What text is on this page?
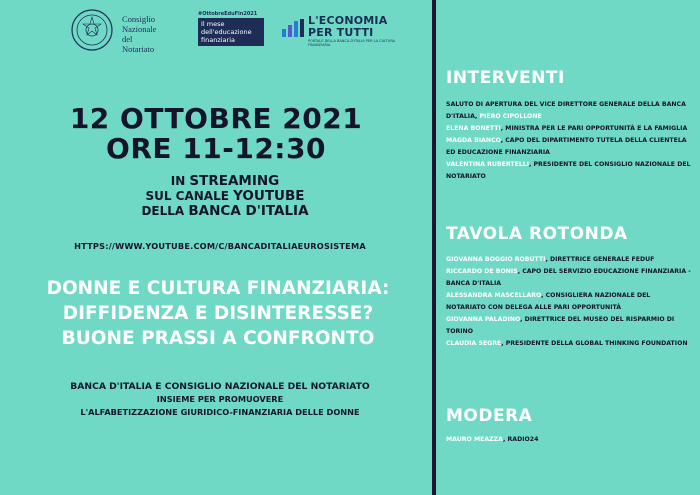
Consiglio
Nazionale
del
Notariato
#OttobreEduFin2021
Il mese dell'educazione finanziaria
L'ECONOMIA
PER TUTTI
PORTALE DELLA BANCA D'ITALIA PER LA CULTURA FINANZIARIA
12 OTTOBRE 2021
ORE 11-12:30
IN STREAMING
SUL CANALE YOUTUBE
DELLA BANCA D'ITALIA
HTTPS://WWW.YOUTUBE.COM/C/BANCADITALIAEUROSISTEMA
DONNE E CULTURA FINANZIARIA:
DIFFIDENZA E DISINTERESSE?
BUONE PRASSI A CONFRONTO
BANCA D'ITALIA E CONSIGLIO NAZIONALE DEL NOTARIATO
INSIEME PER PROMUOVERE
L'ALFABETIZZAZIONE GIURIDICO-FINANZIARIA DELLE DONNE
INTERVENTI
SALUTO DI APERTURA DEL VICE DIRETTORE GENERALE DELLA BANCA D'ITALIA, PIERO CIPOLLONE
ELENA BONETTI, MINISTRA PER LE PARI OPPORTUNITÀ E LA FAMIGLIA
MAGDA BIANCO, CAPO DEL DIPARTIMENTO TUTELA DELLA CLIENTELA ED EDUCAZIONE FINANZIARIA
VALENTINA RUBERTELLI, PRESIDENTE DEL CONSIGLIO NAZIONALE DEL NOTARIATO
TAVOLA ROTONDA
GIOVANNA BOGGIO ROBUTTI, DIRETTRICE GENERALE FEDUF
RICCARDO DE BONIS, CAPO DEL SERVIZIO EDUCAZIONE FINANZIARIA - BANCA D'ITALIA
ALESSANDRA MASCELLARO, CONSIGLIERA NAZIONALE DEL NOTARIATO CON DELEGA ALLE PARI OPPORTUNITÀ
GIOVANNA PALADINO, DIRETTRICE DEL MUSEO DEL RISPARMIO DI TORINO
CLAUDIA SEGRE, PRESIDENTE DELLA GLOBAL THINKING FOUNDATION
MODERA
MAURO MEAZZA, RADIO24
